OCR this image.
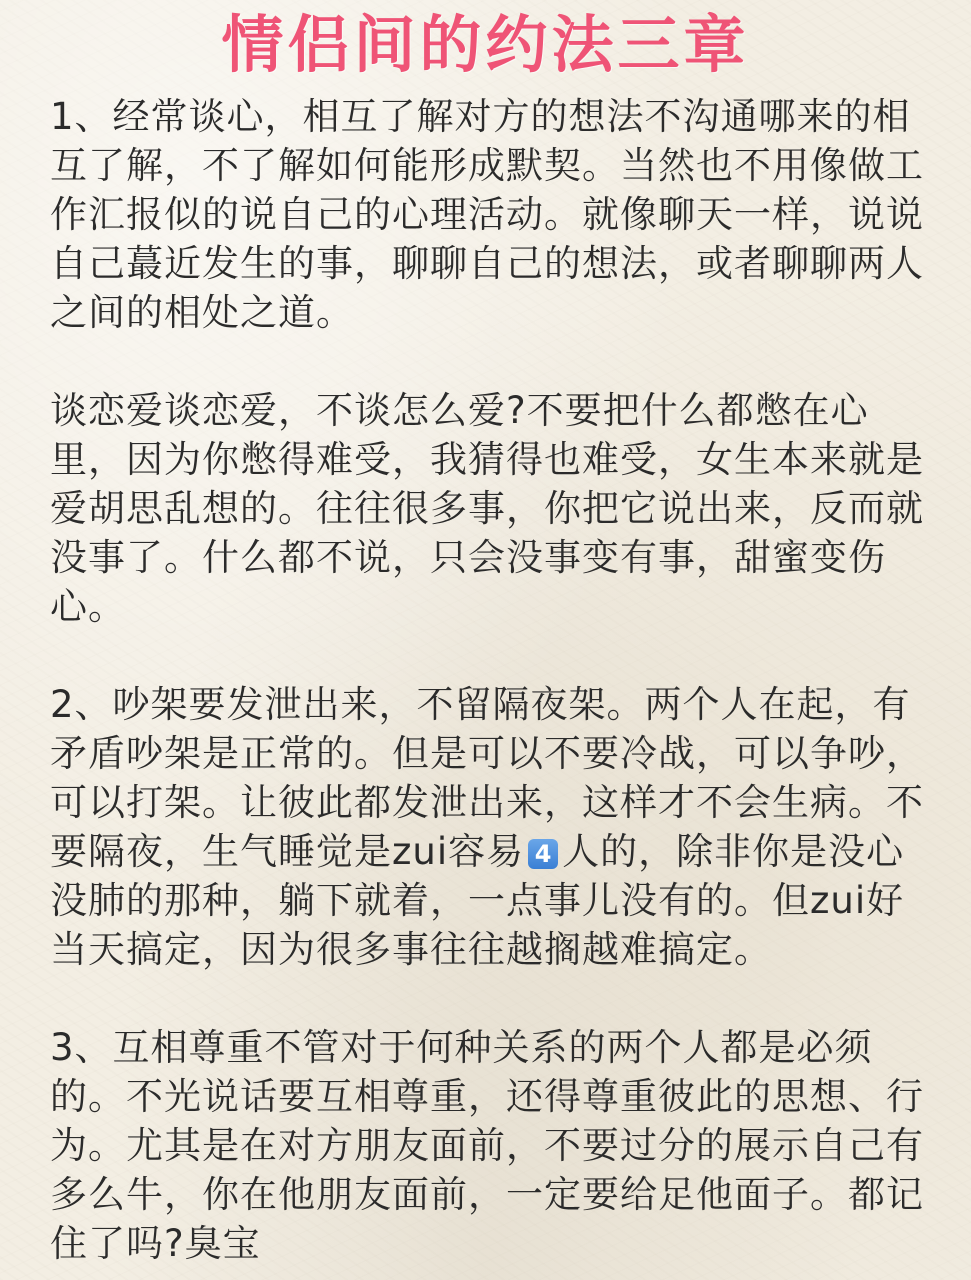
情侣间的约法三章

1、经常谈心，相互了解对方的想法不沟通哪来的相互了解，不了解如何能形成默契。当然也不用像做工作汇报似的说自己的心理活动。就像聊天一样，说说自己蕞近发生的事，聊聊自己的想法，或者聊聊两人之间的相处之道。

谈恋爱谈恋爱，不谈怎么爱?不要把什么都憋在心里，因为你憋得难受，我猜得也难受，女生本来就是爱胡思乱想的。往往很多事，你把它说出来，反而就没事了。什么都不说，只会没事变有事，甜蜜变伤心。

2、吵架要发泄出来，不留隔夜架。两个人在起，有矛盾吵架是正常的。但是可以不要冷战，可以争吵，可以打架。让彼此都发泄出来，这样才不会生病。不要隔夜，生气睡觉是zui容易 4 人的，除非你是没心没肺的那种，躺下就着，一点事儿没有的。但zui好当天搞定，因为很多事往往越搁越难搞定。

3、互相尊重不管对于何种关系的两个人都是必须的。不光说话要互相尊重，还得尊重彼此的思想、行为。尤其是在对方朋友面前，不要过分的展示自己有多么牛，你在他朋友面前，一定要给足他面子。都记住了吗?臭宝
